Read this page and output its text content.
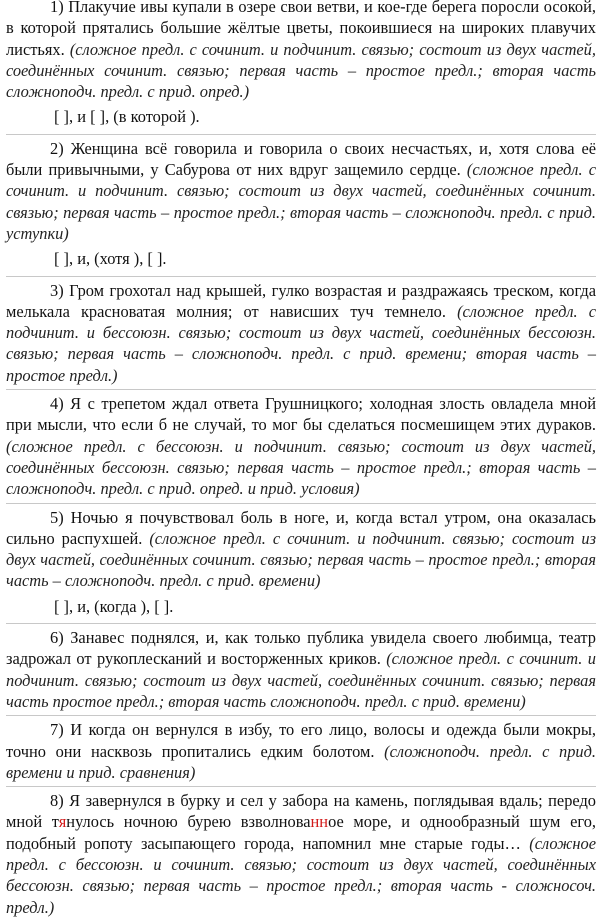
1) Плакучие ивы купали в озере свои ветви, и кое-где берега поросли осокой, в которой прятались большие жёлтые цветы, покоившиеся на широких плавучих листьях. (сложное предл. с сочинит. и подчинит. связью; состоит из двух частей, соединённых сочинит. связью; первая часть – простое предл.; вторая часть сложноподч. предл. с прид. опред.)

[ ], и [ ], (в которой ).

2) Женщина всё говорила и говорила о своих несчастьях, и, хотя слова её были привычными, у Сабурова от них вдруг защемило сердце. (сложное предл. с сочинит. и подчинит. связью; состоит из двух частей, соединённых сочинит. связью; первая часть – простое предл.; вторая часть – сложноподч. предл. с прид. уступки)

[ ], и, (хотя ), [ ].

3) Гром грохотал над крышей, гулко возрастая и раздражаясь треском, когда мелькала красноватая молния; от нависших туч темнело. (сложное предл. с подчинит. и бессоюзн. связью; состоит из двух частей, соединённых бессоюзн. связью; первая часть – сложноподч. предл. с прид. времени; вторая часть – простое предл.)

4) Я с трепетом ждал ответа Грушницкого; холодная злость овладела мной при мысли, что если б не случай, то мог бы сделаться посмешищем этих дураков. (сложное предл. с бессоюзн. и подчинит. связью; состоит из двух частей, соединённых бессоюзн. связью; первая часть – простое предл.; вторая часть – сложноподч. предл. с прид. опред. и прид. условия)

5) Ночью я почувствовал боль в ноге, и, когда встал утром, она оказалась сильно распухшей. (сложное предл. с сочинит. и подчинит. связью; состоит из двух частей, соединённых сочинит. связью; первая часть – простое предл.; вторая часть – сложноподч. предл. с прид. времени)

[ ], и, (когда ), [ ].

6) Занавес поднялся, и, как только публика увидела своего любимца, театр задрожал от рукоплесканий и восторженных криков. (сложное предл. с сочинит. и подчинит. связью; состоит из двух частей, соединённых сочинит. связью; первая часть простое предл.; вторая часть сложноподч. предл. с прид. времени)

7) И когда он вернулся в избу, то его лицо, волосы и одежда были мокры, точно они насквозь пропитались едким болотом. (сложноподч. предл. с прид. времени и прид. сравнения)

8) Я завернулся в бурку и сел у забора на камень, поглядывая вдаль; передо мной тянулось ночною бурею взволнованное море, и однообразный шум его, подобный ропоту засыпающего города, напомнил мне старые годы… (сложное предл. с бессоюзн. и сочинит. связью; состоит из двух частей, соединённых бессоюзн. связью; первая часть – простое предл.; вторая часть - сложносоч. предл.)
